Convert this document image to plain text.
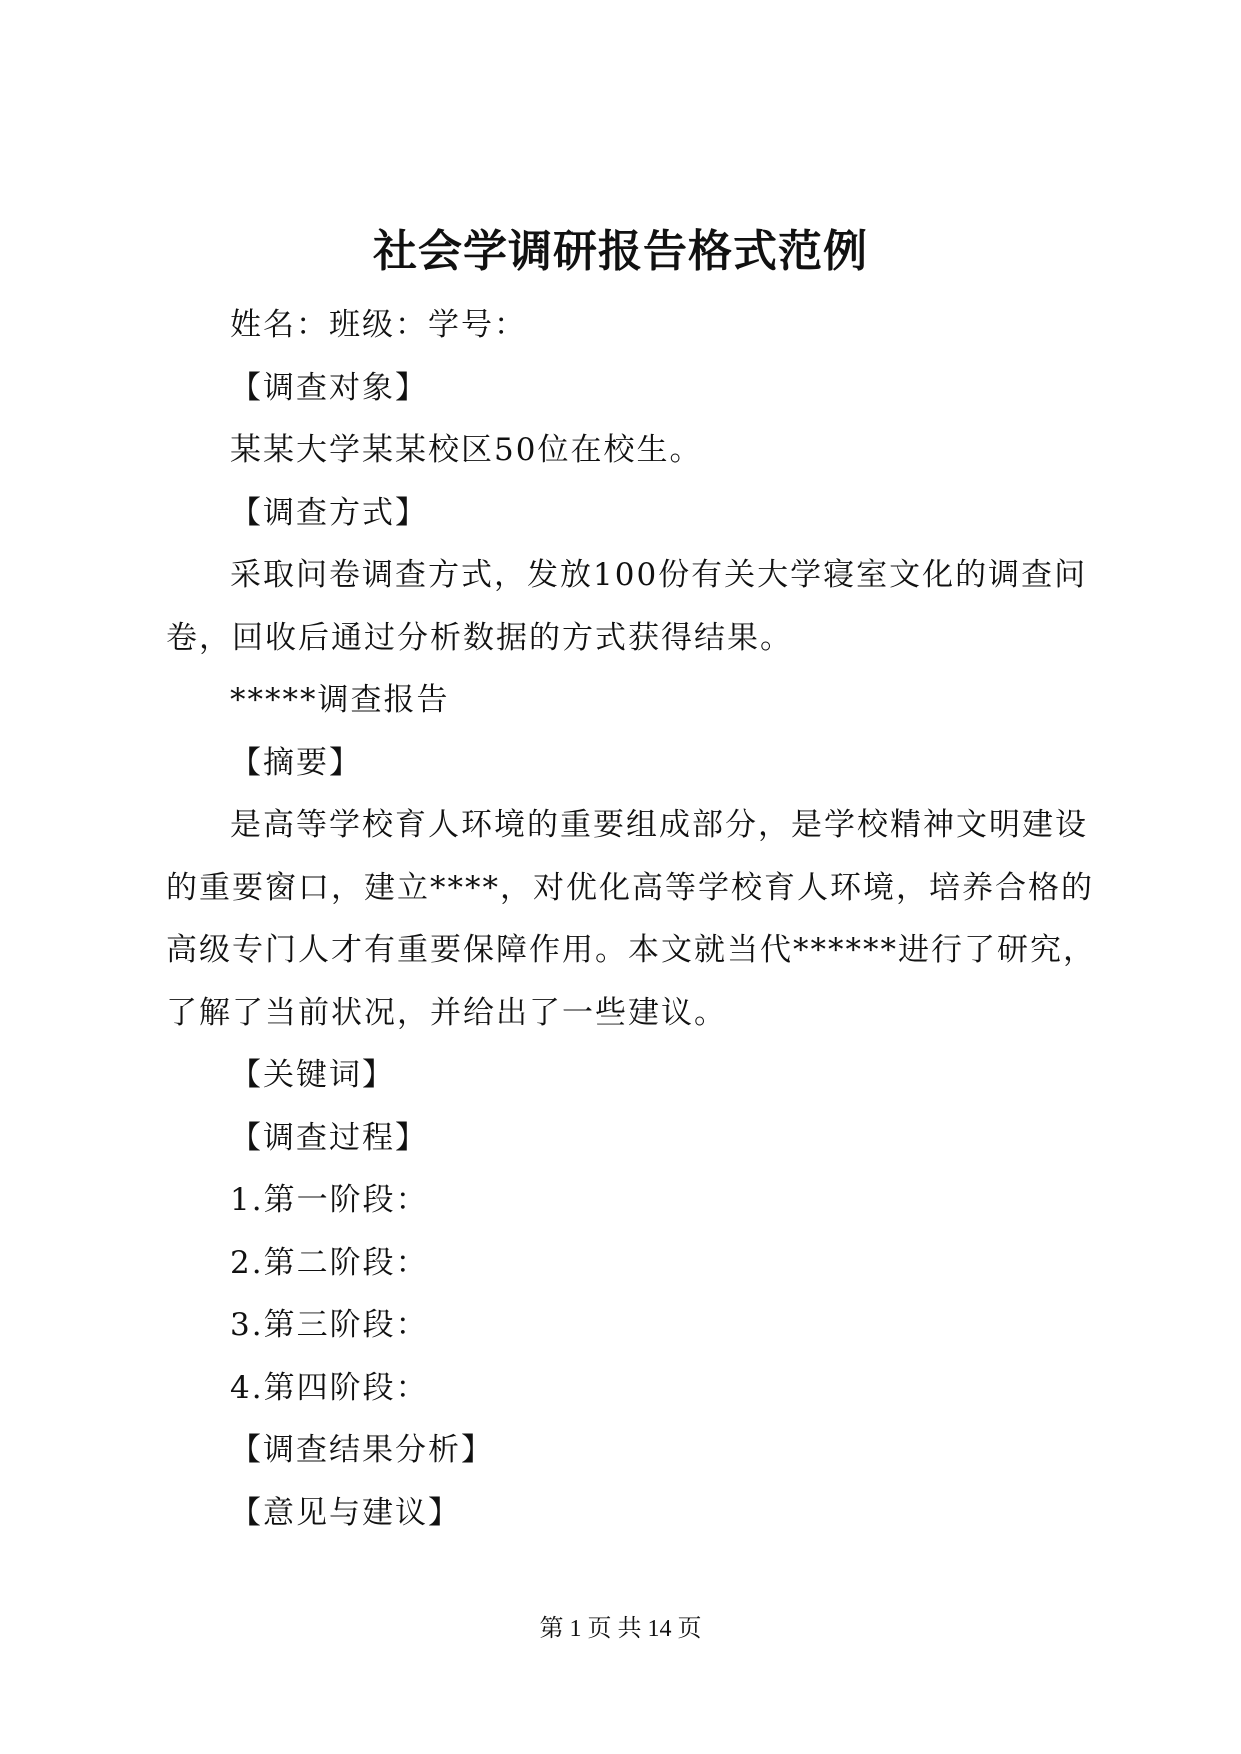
社会学调研报告格式范例
姓名：班级：学号：
【调查对象】
某某大学某某校区50位在校生。
【调查方式】
采取问卷调查方式，发放100份有关大学寝室文化的调查问
卷，回收后通过分析数据的方式获得结果。
*****调查报告
【摘要】
是高等学校育人环境的重要组成部分，是学校精神文明建设
的重要窗口，建立****，对优化高等学校育人环境，培养合格的
高级专门人才有重要保障作用。本文就当代******进行了研究，
了解了当前状况，并给出了一些建议。
【关键词】
【调查过程】
1.第一阶段：
2.第二阶段：
3.第三阶段：
4.第四阶段：
【调查结果分析】
【意见与建议】
第 1 页 共 14 页
